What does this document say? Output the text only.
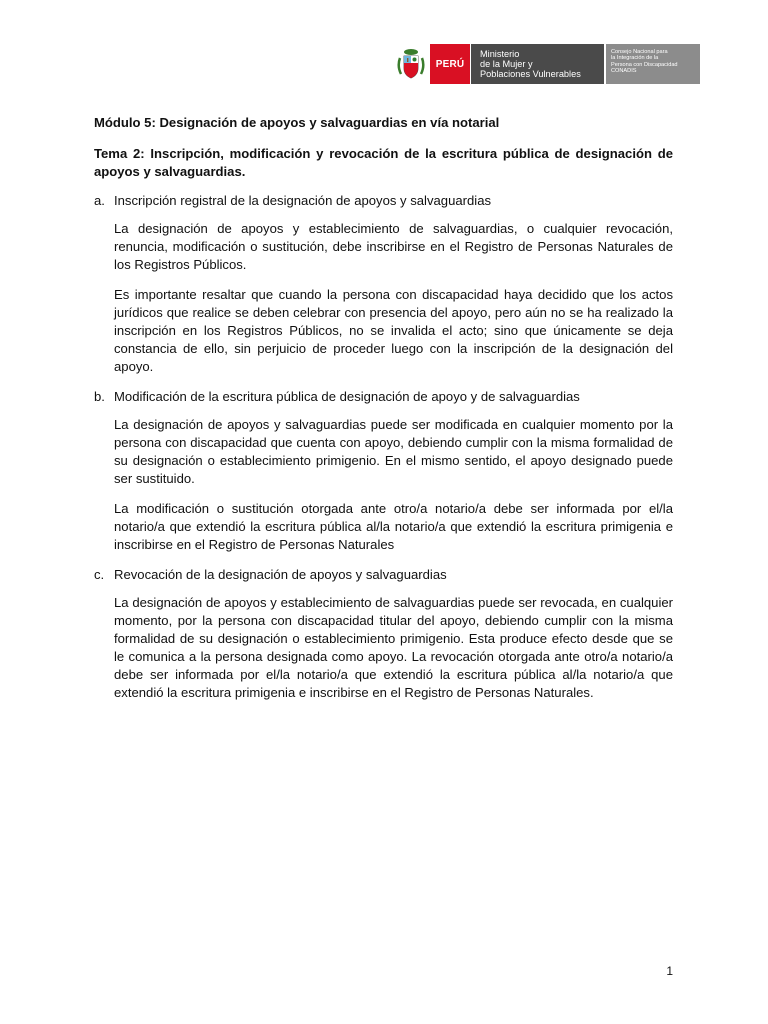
PERÚ
Ministerio
de la Mujer y
Poblaciones Vulnerables
Consejo Nacional para
la Integración de la
Persona con Discapacidad
CONADIS

Módulo 5: Designación de apoyos y salvaguardias en vía notarial

Tema 2: Inscripción, modificación y revocación de la escritura pública de designación de apoyos y salvaguardias.

a. Inscripción registral de la designación de apoyos y salvaguardias

La designación de apoyos y establecimiento de salvaguardias, o cualquier revocación, renuncia, modificación o sustitución, debe inscribirse en el Registro de Personas Naturales de los Registros Públicos.

Es importante resaltar que cuando la persona con discapacidad haya decidido que los actos jurídicos que realice se deben celebrar con presencia del apoyo, pero aún no se ha realizado la inscripción en los Registros Públicos, no se invalida el acto; sino que únicamente se deja constancia de ello, sin perjuicio de proceder luego con la inscripción de la designación del apoyo.

b. Modificación de la escritura pública de designación de apoyo y de salvaguardias

La designación de apoyos y salvaguardias puede ser modificada en cualquier momento por la persona con discapacidad que cuenta con apoyo, debiendo cumplir con la misma formalidad de su designación o establecimiento primigenio. En el mismo sentido, el apoyo designado puede ser sustituido.

La modificación o sustitución otorgada ante otro/a notario/a debe ser informada por el/la notario/a que extendió la escritura pública al/la notario/a que extendió la escritura primigenia e inscribirse en el Registro de Personas Naturales

c. Revocación de la designación de apoyos y salvaguardias

La designación de apoyos y establecimiento de salvaguardias puede ser revocada, en cualquier momento, por la persona con discapacidad titular del apoyo, debiendo cumplir con la misma formalidad de su designación o establecimiento primigenio. Esta produce efecto desde que se le comunica a la persona designada como apoyo. La revocación otorgada ante otro/a notario/a debe ser informada por el/la notario/a que extendió la escritura pública al/la notario/a que extendió la escritura primigenia e inscribirse en el Registro de Personas Naturales.

1
